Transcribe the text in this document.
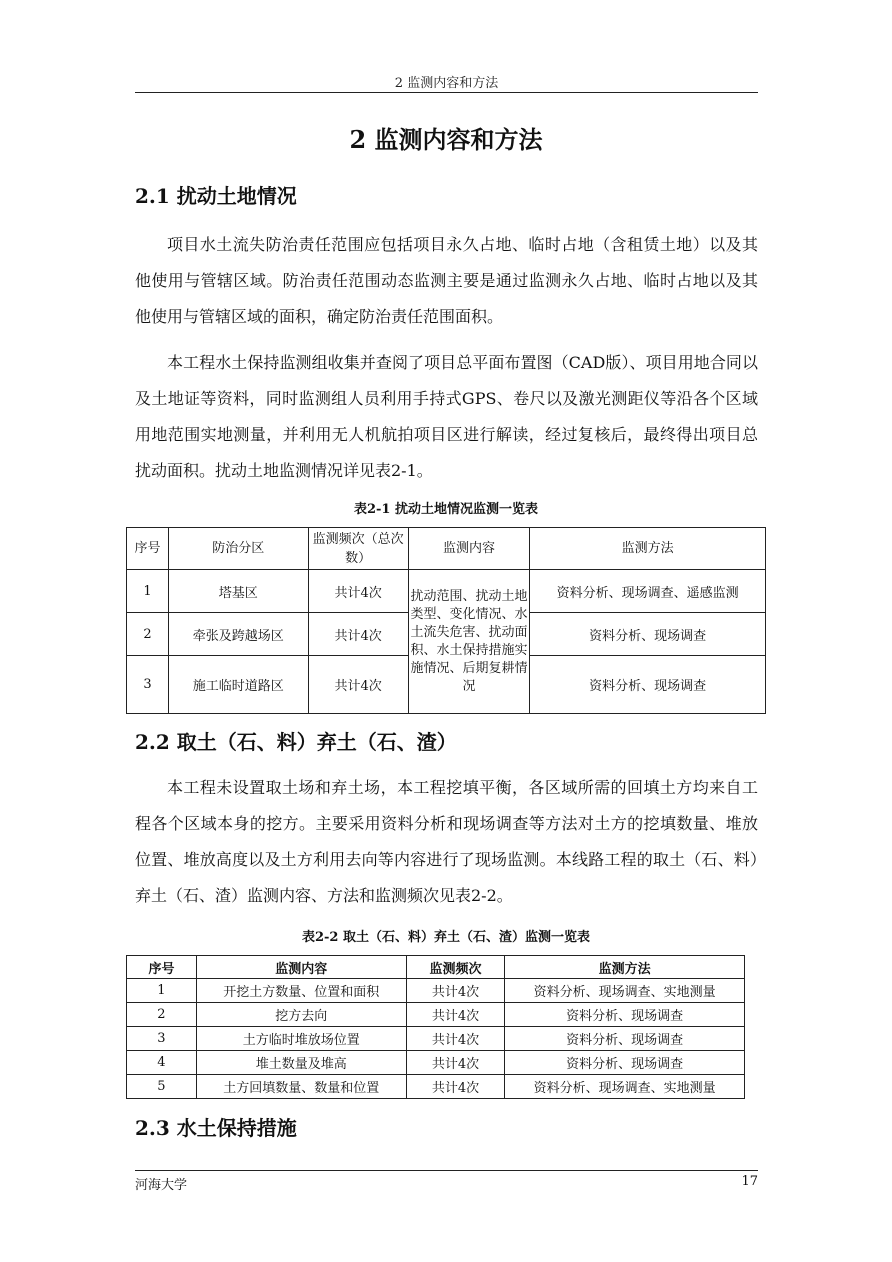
2 监测内容和方法
2 监测内容和方法
2.1 扰动土地情况

项目水土流失防治责任范围应包括项目永久占地、临时占地（含租赁土地）以及其他使用与管辖区域。防治责任范围动态监测主要是通过监测永久占地、临时占地以及其他使用与管辖区域的面积，确定防治责任范围面积。

本工程水土保持监测组收集并查阅了项目总平面布置图（CAD版）、项目用地合同以及土地证等资料，同时监测组人员利用手持式GPS、卷尺以及激光测距仪等沿各个区域用地范围实地测量，并利用无人机航拍项目区进行解读，经过复核后，最终得出项目总扰动面积。扰动土地监测情况详见表2-1。

表2-1 扰动土地情况监测一览表
序号	防治分区	监测频次（总次数）	监测内容	监测方法
1	塔基区	共计4次	扰动范围、扰动土地类型、变化情况、水土流失危害、扰动面积、水土保持措施实施情况、后期复耕情况	资料分析、现场调查、遥感监测
2	牵张及跨越场区	共计4次		资料分析、现场调查
3	施工临时道路区	共计4次		资料分析、现场调查
2.2 取土（石、料）弃土（石、渣）

本工程未设置取土场和弃土场，本工程挖填平衡，各区域所需的回填土方均来自工程各个区域本身的挖方。主要采用资料分析和现场调查等方法对土方的挖填数量、堆放位置、堆放高度以及土方利用去向等内容进行了现场监测。本线路工程的取土（石、料）弃土（石、渣）监测内容、方法和监测频次见表2-2。

表2-2 取土（石、料）弃土（石、渣）监测一览表
序号	监测内容	监测频次	监测方法
1	开挖土方数量、位置和面积	共计4次	资料分析、现场调查、实地测量
2	挖方去向	共计4次	资料分析、现场调查
3	土方临时堆放场位置	共计4次	资料分析、现场调查
4	堆土数量及堆高	共计4次	资料分析、现场调查
5	土方回填数量、数量和位置	共计4次	资料分析、现场调查、实地测量
2.3 水土保持措施
河海大学	17
